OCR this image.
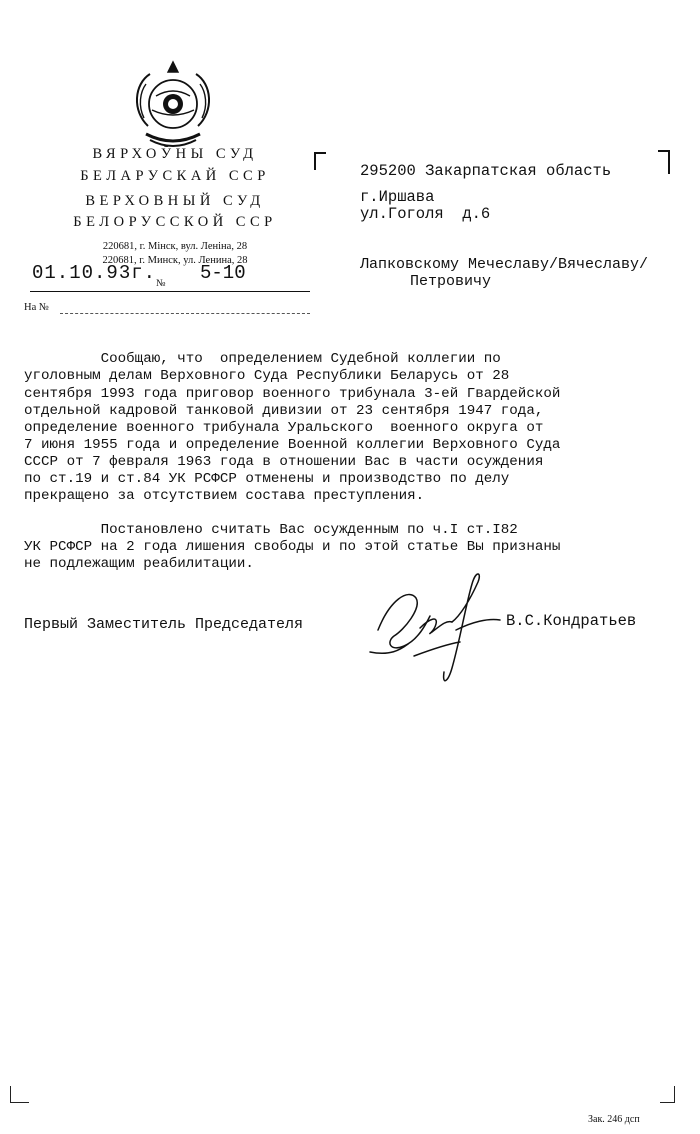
ВЯРХОЎНЫ СУД
БЕЛАРУСКАЙ ССР
ВЕРХОВНЫЙ СУД
БЕЛОРУССКОЙ ССР
220681, г. Мінск, вул. Леніна, 28
220681, г. Минск, ул. Ленина, 28
01.10.93г. № 5-10
На №
295200 Закарпатская область
г.Иршава
ул.Гоголя  д.6
Лапковскому Мечеславу/Вячеславу/
Петровичу
Сообщаю, что  определением Судебной коллегии по
уголовным делам Верховного Суда Республики Беларусь от 28
сентября 1993 года приговор военного трибунала 3-ей Гвардейской
отдельной кадровой танковой дивизии от 23 сентября 1947 года,
определение военного трибунала Уральского  военного округа от
7 июня 1955 года и определение Военной коллегии Верховного Суда
СССР от 7 февраля 1963 года в отношении Вас в части осуждения
по ст.19 и ст.84 УК РСФСР отменены и производство по делу
прекращено за отсутствием состава преступления.
Постановлено считать Вас осужденным по ч.I ст.I82
УК РСФСР на 2 года лишения свободы и по этой статье Вы признаны
не подлежащим реабилитации.
Первый Заместитель Председателя	В.С.Кондратьев
Зак. 246 дсп
